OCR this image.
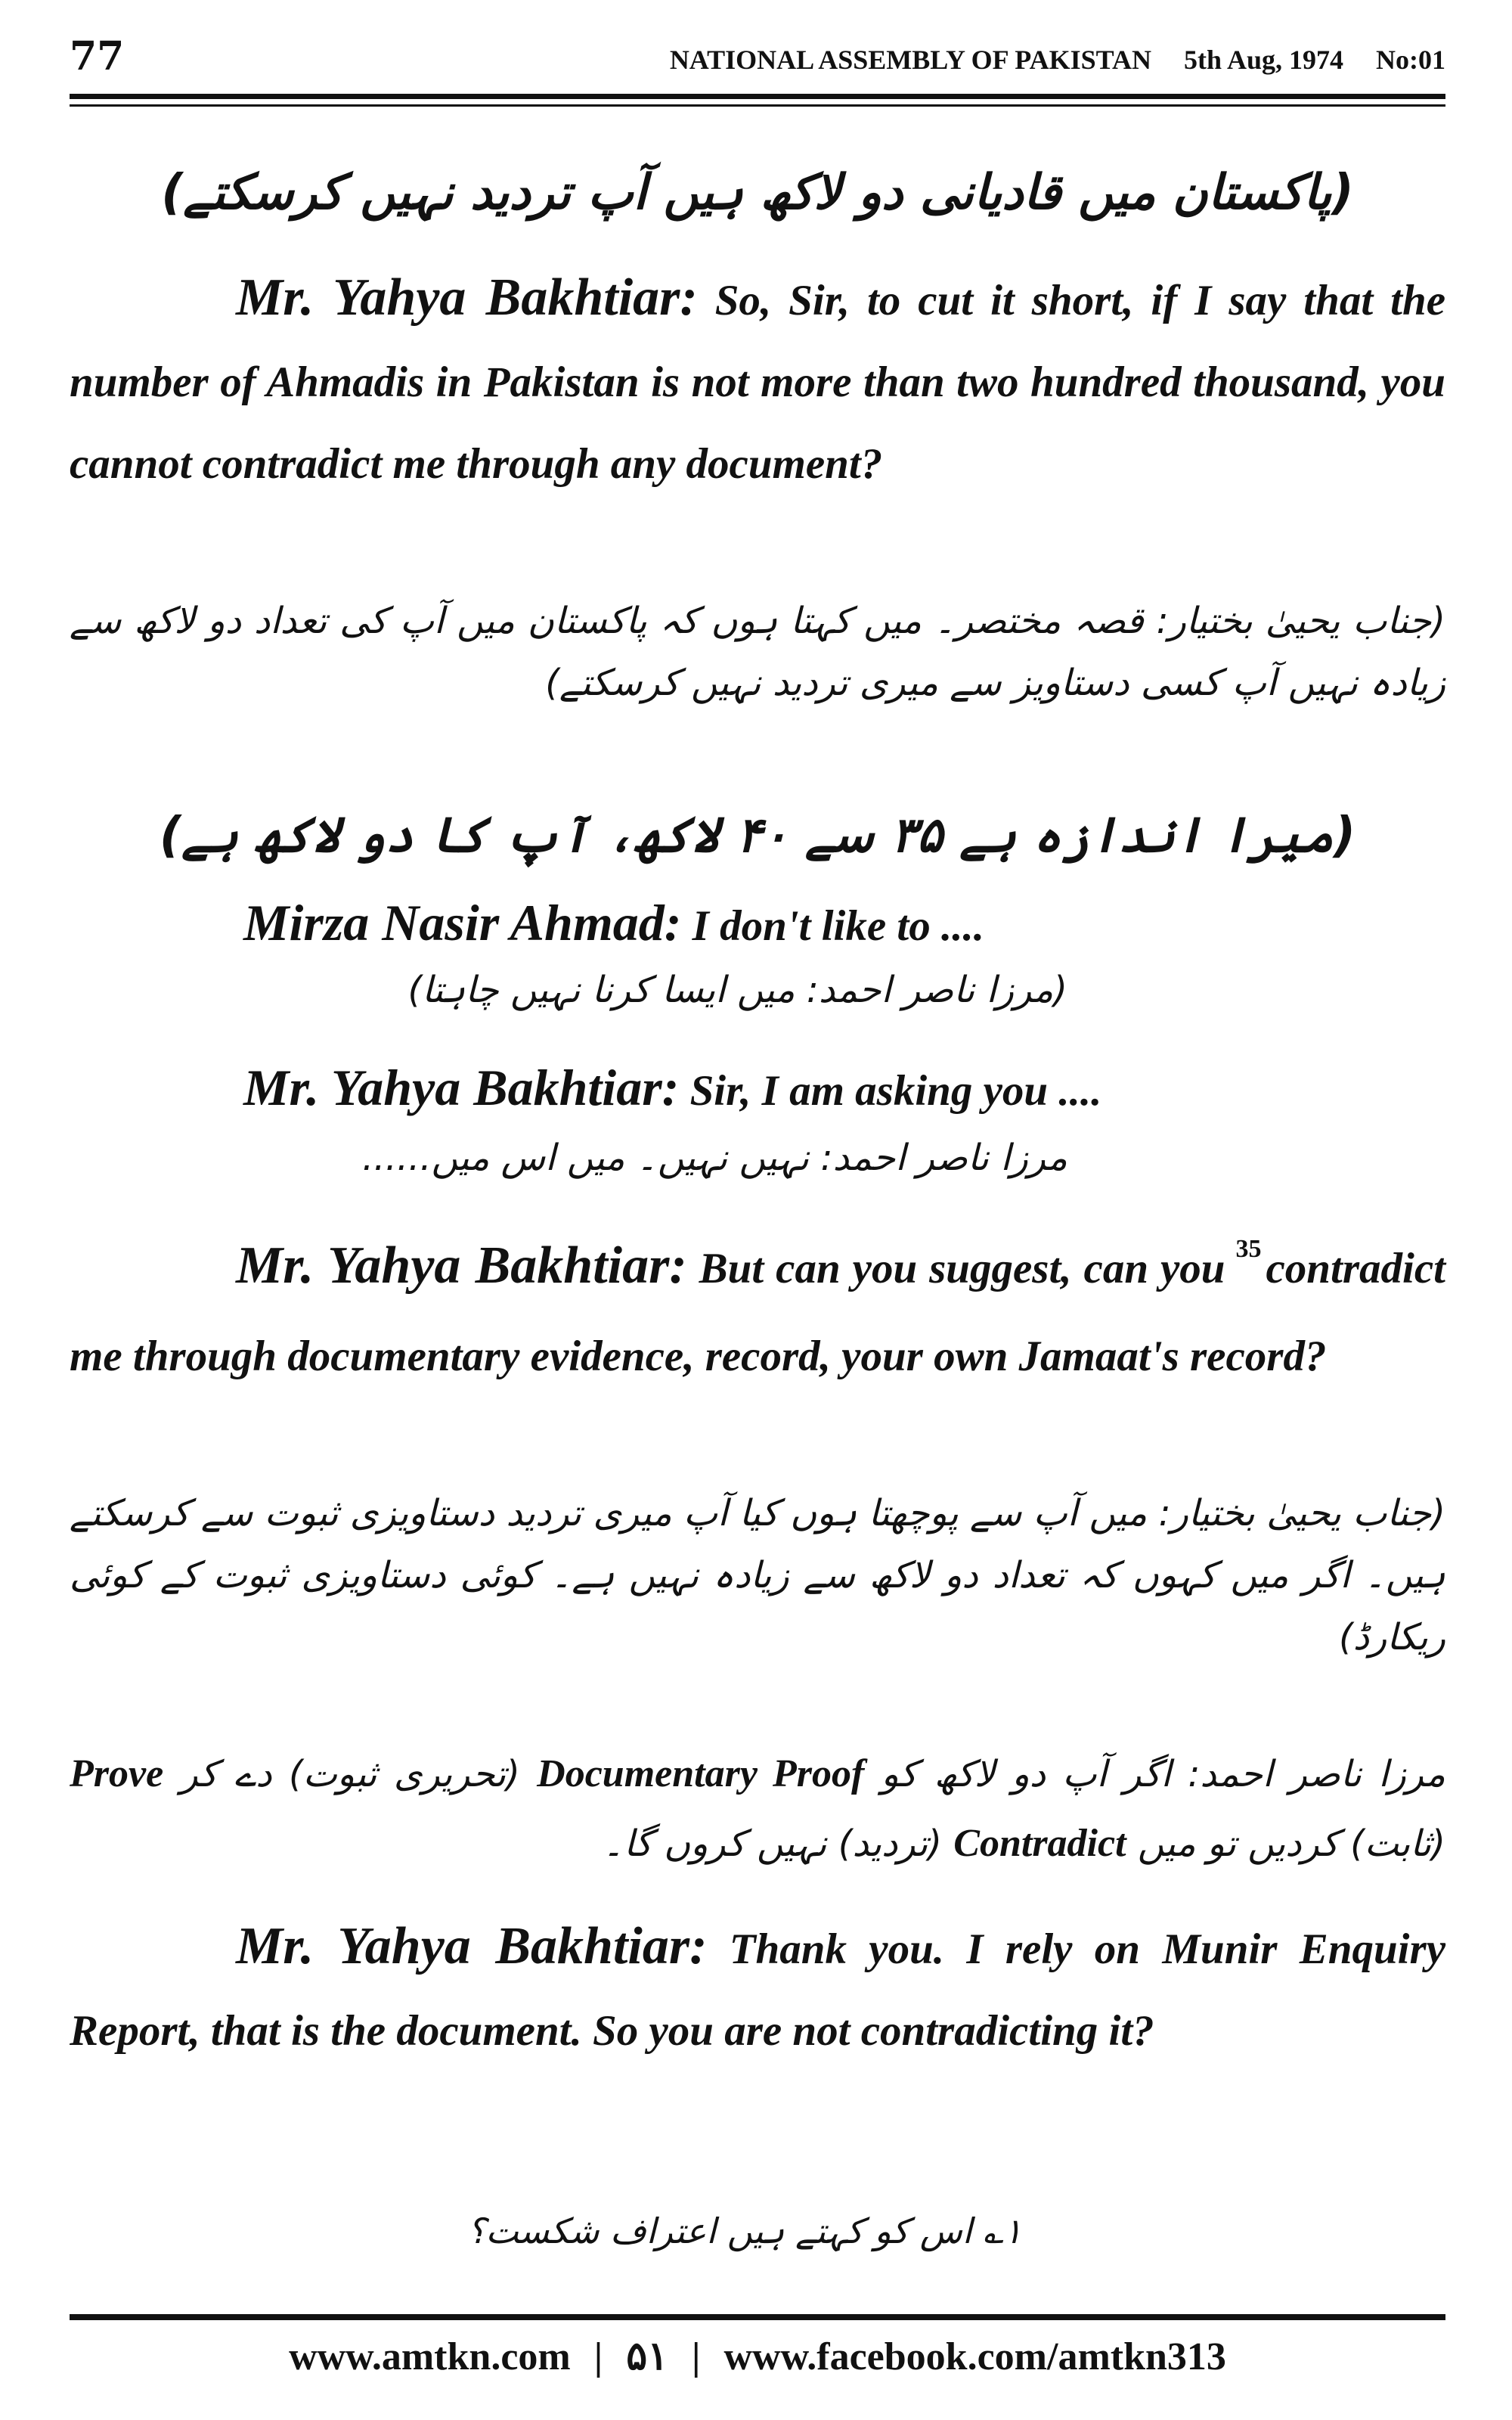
77	NATIONAL ASSEMBLY OF PAKISTAN 5th Aug, 1974 No:01
(پاکستان میں قادیانی دو لاکھ ہیں آپ تردید نہیں کرسکتے)
Mr. Yahya Bakhtiar: So, Sir, to cut it short, if I say that the number of Ahmadis in Pakistan is not more than two hundred thousand, you cannot contradict me through any document?
(جناب یحییٰ بختیار: قصہ مختصر۔ میں کہتا ہوں کہ پاکستان میں آپ کی تعداد دو لاکھ سے زیادہ نہیں آپ کسی دستاویز سے میری تردید نہیں کرسکتے)
(میرا اندازہ ہے ۳۵ سے ۴۰ لاکھ، آپ کا دو لاکھ ہے)
Mirza Nasir Ahmad: I don't like to ....
(مرزا ناصر احمد: میں ایسا کرنا نہیں چاہتا)
Mr. Yahya Bakhtiar: Sir, I am asking you ....
مرزا ناصر احمد: نہیں نہیں۔ میں اس میں......
Mr. Yahya Bakhtiar: But can you suggest, can you $^{35}$ contradict me through documentary evidence, record, your own Jamaat's record?
(جناب یحییٰ بختیار: میں آپ سے پوچھتا ہوں کیا آپ میری تردید دستاویزی ثبوت سے کرسکتے ہیں۔ اگر میں کہوں کہ تعداد دو لاکھ سے زیادہ نہیں ہے۔ کوئی دستاویزی ثبوت کے کوئی ریکارڈ)
مرزا ناصر احمد: اگر آپ دو لاکھ کو Documentary Proof (تحریری ثبوت) دے کر Prove (ثابت) کردیں تو میں Contradict (تردید) نہیں کروں گا۔
Mr. Yahya Bakhtiar: Thank you. I rely on Munir Enquiry Report, that is the document. So you are not contradicting it?
۱؎ اس کو کہتے ہیں اعتراف شکست؟
www.amtkn.com | ۵۱ | www.facebook.com/amtkn313
